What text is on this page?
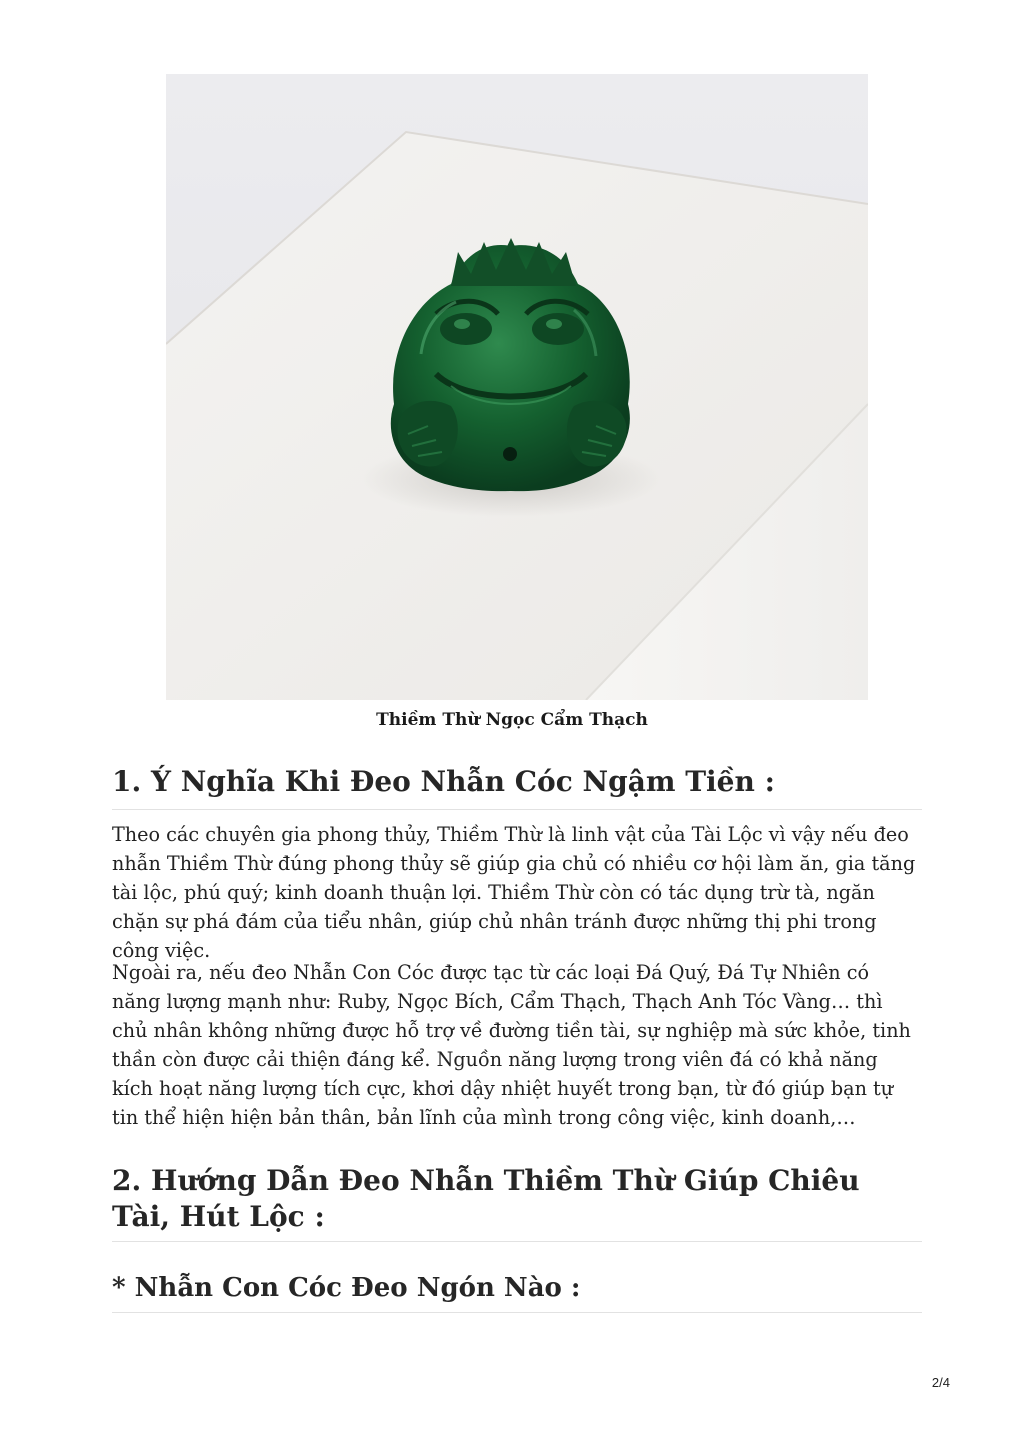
Thiềm Thừ Ngọc Cẩm Thạch
1. Ý Nghĩa Khi Đeo Nhẫn Cóc Ngậm Tiền :

Theo các chuyên gia phong thủy, Thiềm Thừ là linh vật của Tài Lộc vì vậy nếu đeo nhẫn Thiềm Thừ đúng phong thủy sẽ giúp gia chủ có nhiều cơ hội làm ăn, gia tăng tài lộc, phú quý; kinh doanh thuận lợi. Thiềm Thừ còn có tác dụng trừ tà, ngăn chặn sự phá đám của tiểu nhân, giúp chủ nhân tránh được những thị phi trong công việc.

Ngoài ra, nếu đeo Nhẫn Con Cóc được tạc từ các loại Đá Quý, Đá Tự Nhiên có năng lượng mạnh như: Ruby, Ngọc Bích, Cẩm Thạch, Thạch Anh Tóc Vàng… thì chủ nhân không những được hỗ trợ về đường tiền tài, sự nghiệp mà sức khỏe, tinh thần còn được cải thiện đáng kể. Nguồn năng lượng trong viên đá có khả năng kích hoạt năng lượng tích cực, khơi dậy nhiệt huyết trong bạn, từ đó giúp bạn tự tin thể hiện hiện bản thân, bản lĩnh của mình trong công việc, kinh doanh,…

2. Hướng Dẫn Đeo Nhẫn Thiềm Thừ Giúp Chiêu Tài, Hút Lộc :
* Nhẫn Con Cóc Đeo Ngón Nào :
2/4
